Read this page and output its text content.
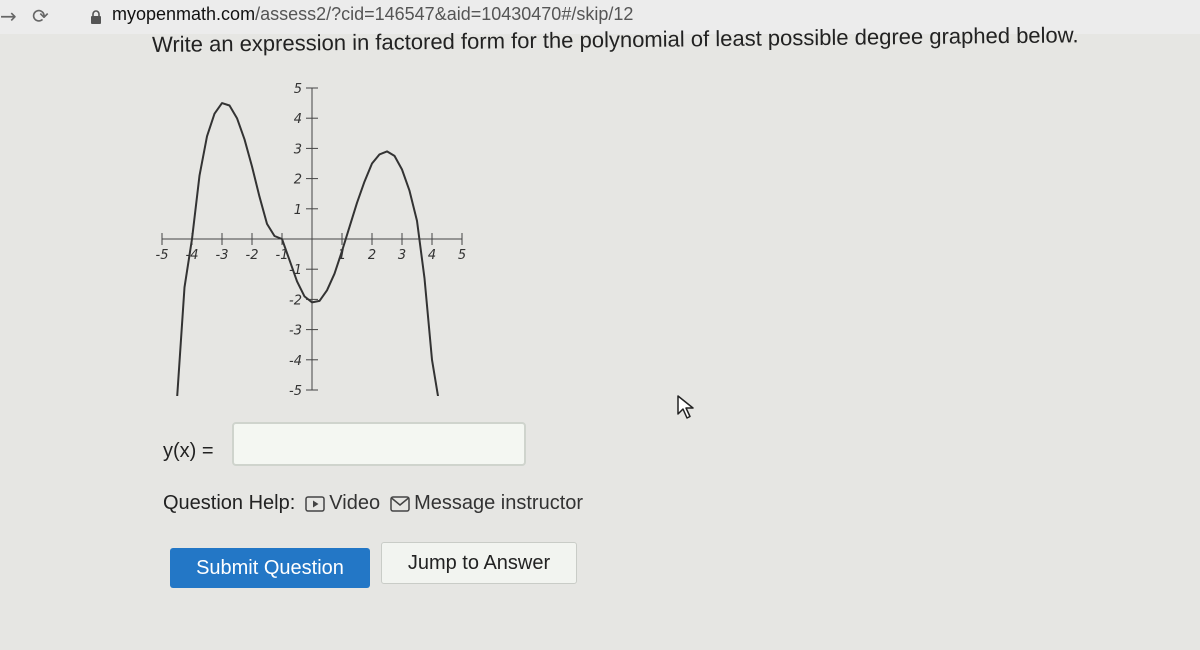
→ ⟳	myopenmath.com/assess2/?cid=146547&aid=10430470#/skip/12
Write an expression in factored form for the polynomial of least possible degree graphed below.
-5 -4 -3 -2 -1	1 2 3 4 5
-5
-4
-3
-2
-1
1
2
3
4
5
y(x) =
Question Help: Video Message instructor
Submit Question	Jump to Answer
